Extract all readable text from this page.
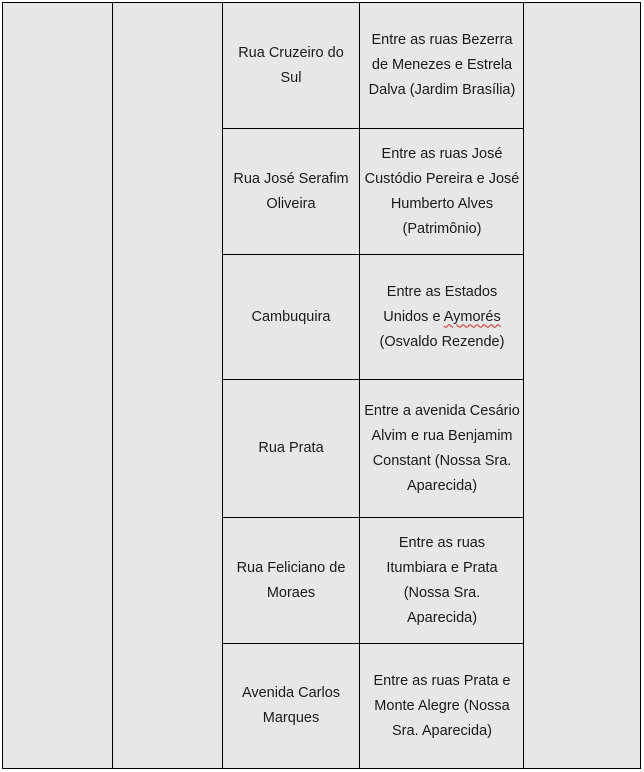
Rua Cruzeiro do Sul
Entre as ruas Bezerra de Menezes e Estrela Dalva (Jardim Brasília)
Rua José Serafim Oliveira
Entre as ruas José Custódio Pereira e José Humberto Alves (Patrimônio)
Cambuquira
Entre as Estados Unidos e Aymorés (Osvaldo Rezende)
Rua Prata
Entre a avenida Cesário Alvim e rua Benjamim Constant (Nossa Sra. Aparecida)
Rua Feliciano de Moraes
Entre as ruas Itumbiara e Prata (Nossa Sra. Aparecida)
Avenida Carlos Marques
Entre as ruas Prata e Monte Alegre (Nossa Sra. Aparecida)
